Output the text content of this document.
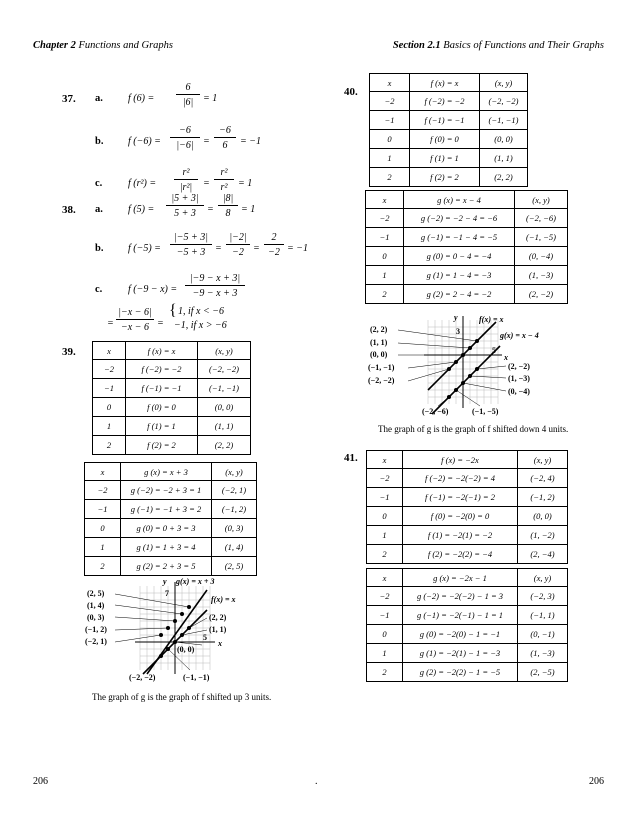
Chapter 2 Functions and Graphs	Section 2.1 Basics of Functions and Their Graphs
37. a.	f (6) =
6
|6| = 1
b. f (−6) =
−6
|−6| =
−6
6	= −1
c.	f (r²) =
r²
|r²|	=
r²
r²	= 1
38. a.	f (5) =
|5 + 3|
5 + 3	=
|8|
8	= 1
b. f (−5) =
|−5 + 3|
−5 + 3 =
|−2|
−2 =
2
−2 = −1
c.	f (−9 − x) =
|−9 − x + 3|
−9 − x + 3
=
|−x − 6|
−x − 6 =
{ 1, if x < −6
−1, if x > −6
39.	x	f (x) = x	(x, y)
−2	f (−2) = −2	(−2, −2)
−1	f (−1) = −1	(−1, −1)
0	f (0) = 0	(0, 0)
1	f (1) = 1	(1, 1)
2	f (2) = 2	(2, 2)
x	g (x) = x + 3	(x, y)
−2	g (−2) = −2 + 3 = 1	(−2, 1)
−1	g (−1) = −1 + 3 = 2	(−1, 2)
0	g (0) = 0 + 3 = 3	(0, 3)
1	g (1) = 1 + 3 = 4	(1, 4)
2	g (2) = 2 + 3 = 5	(2, 5)
y
7
x
5
g(x) = x + 3
f(x) = x
(2, 5)
(1, 4)
(0, 3)
(−1, 2)
(−2, 1)
(2, 2)
(1, 1)
(0, 0)
(−2, −2)	(−1, −1)
The graph of g is the graph of f shifted up 3 units.
40.
x	f (x) = x	(x, y)
−2	f (−2) = −2	(−2, −2)
−1	f (−1) = −1	(−1, −1)
0	f (0) = 0	(0, 0)
1	f (1) = 1	(1, 1)
2	f (2) = 2	(2, 2)
x	g (x) = x − 4	(x, y)
−2	g (−2) = −2 − 4 = −6	(−2, −6)
−1	g (−1) = −1 − 4 = −5	(−1, −5)
0	g (0) = 0 − 4 = −4	(0, −4)
1	g (1) = 1 − 4 = −3	(1, −3)
2	g (2) = 2 − 4 = −2	(2, −2)
y
3
x
5
f(x) = x
g(x) = x − 4
(2, 2)
(1, 1)
(0, 0)
(−1, −1)
(−2, −2)
(2, −2)
(1, −3)
(0, −4)
(−2, −6)	(−1, −5)
The graph of g is the graph of f shifted down 4 units.
41.	x	f (x) = −2x	(x, y)
−2	f (−2) = −2(−2) = 4	(−2, 4)
−1	f (−1) = −2(−1) = 2	(−1, 2)
0	f (0) = −2(0) = 0	(0, 0)
1	f (1) = −2(1) = −2	(1, −2)
2	f (2) = −2(2) = −4	(2, −4)
x	g (x) = −2x − 1	(x, y)
−2	g (−2) = −2(−2) − 1 = 3	(−2, 3)
−1	g (−1) = −2(−1) − 1 = 1	(−1, 1)
0	g (0) = −2(0) − 1 = −1	(0, −1)
1	g (1) = −2(1) − 1 = −3	(1, −3)
2	g (2) = −2(2) − 1 = −5	(2, −5)
206	.	206
